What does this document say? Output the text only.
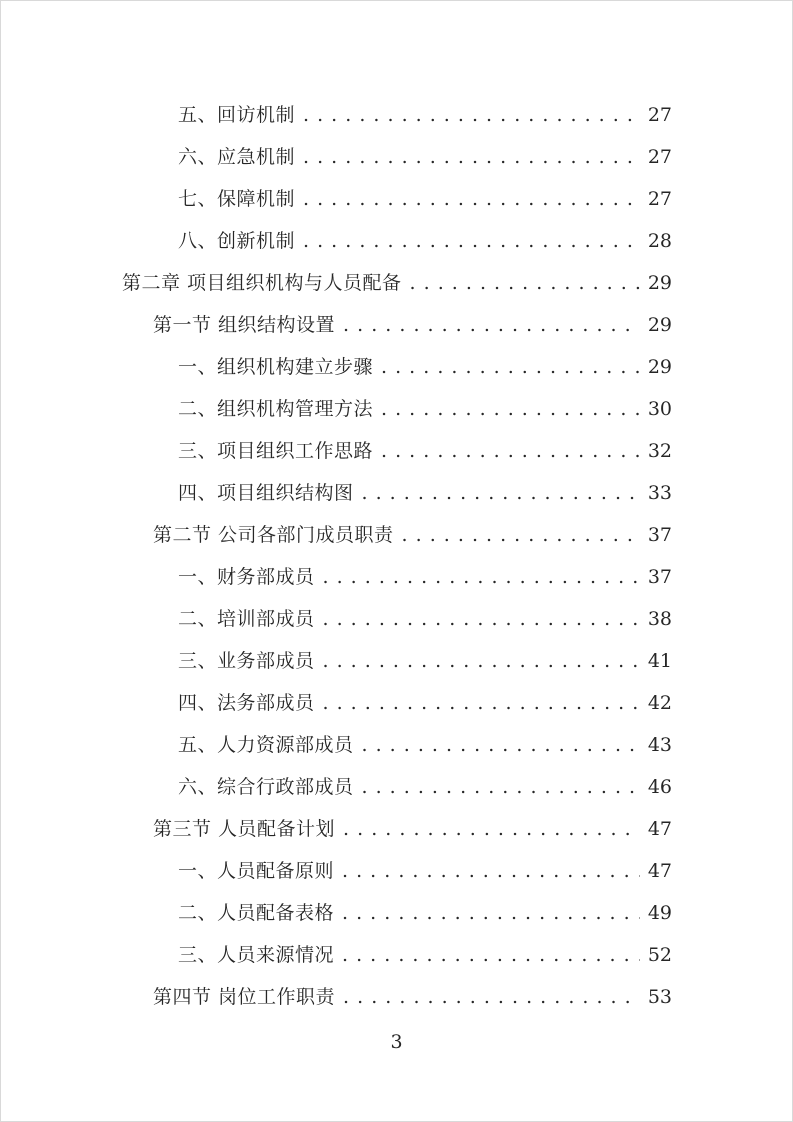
五、回访机制 . . .	27
六、应急机制 . . .	27
七、保障机制 . . .	27
八、创新机制 . . .	28
第二章 项目组织机构与人员配备 . . .	29
第一节 组织结构设置 . . .	29
一、组织机构建立步骤 . . .	29
二、组织机构管理方法 . . .	30
三、项目组织工作思路 . . .	32
四、项目组织结构图 . . .	33
第二节 公司各部门成员职责 . . .	37
一、财务部成员 . . .	37
二、培训部成员 . . .	38
三、业务部成员 . . .	41
四、法务部成员 . . .	42
五、人力资源部成员 . . .	43
六、综合行政部成员 . . .	46
第三节 人员配备计划 . . .	47
一、人员配备原则 . . .	47
二、人员配备表格 . . .	49
三、人员来源情况 . . .	52
第四节 岗位工作职责 . . .	53
3
